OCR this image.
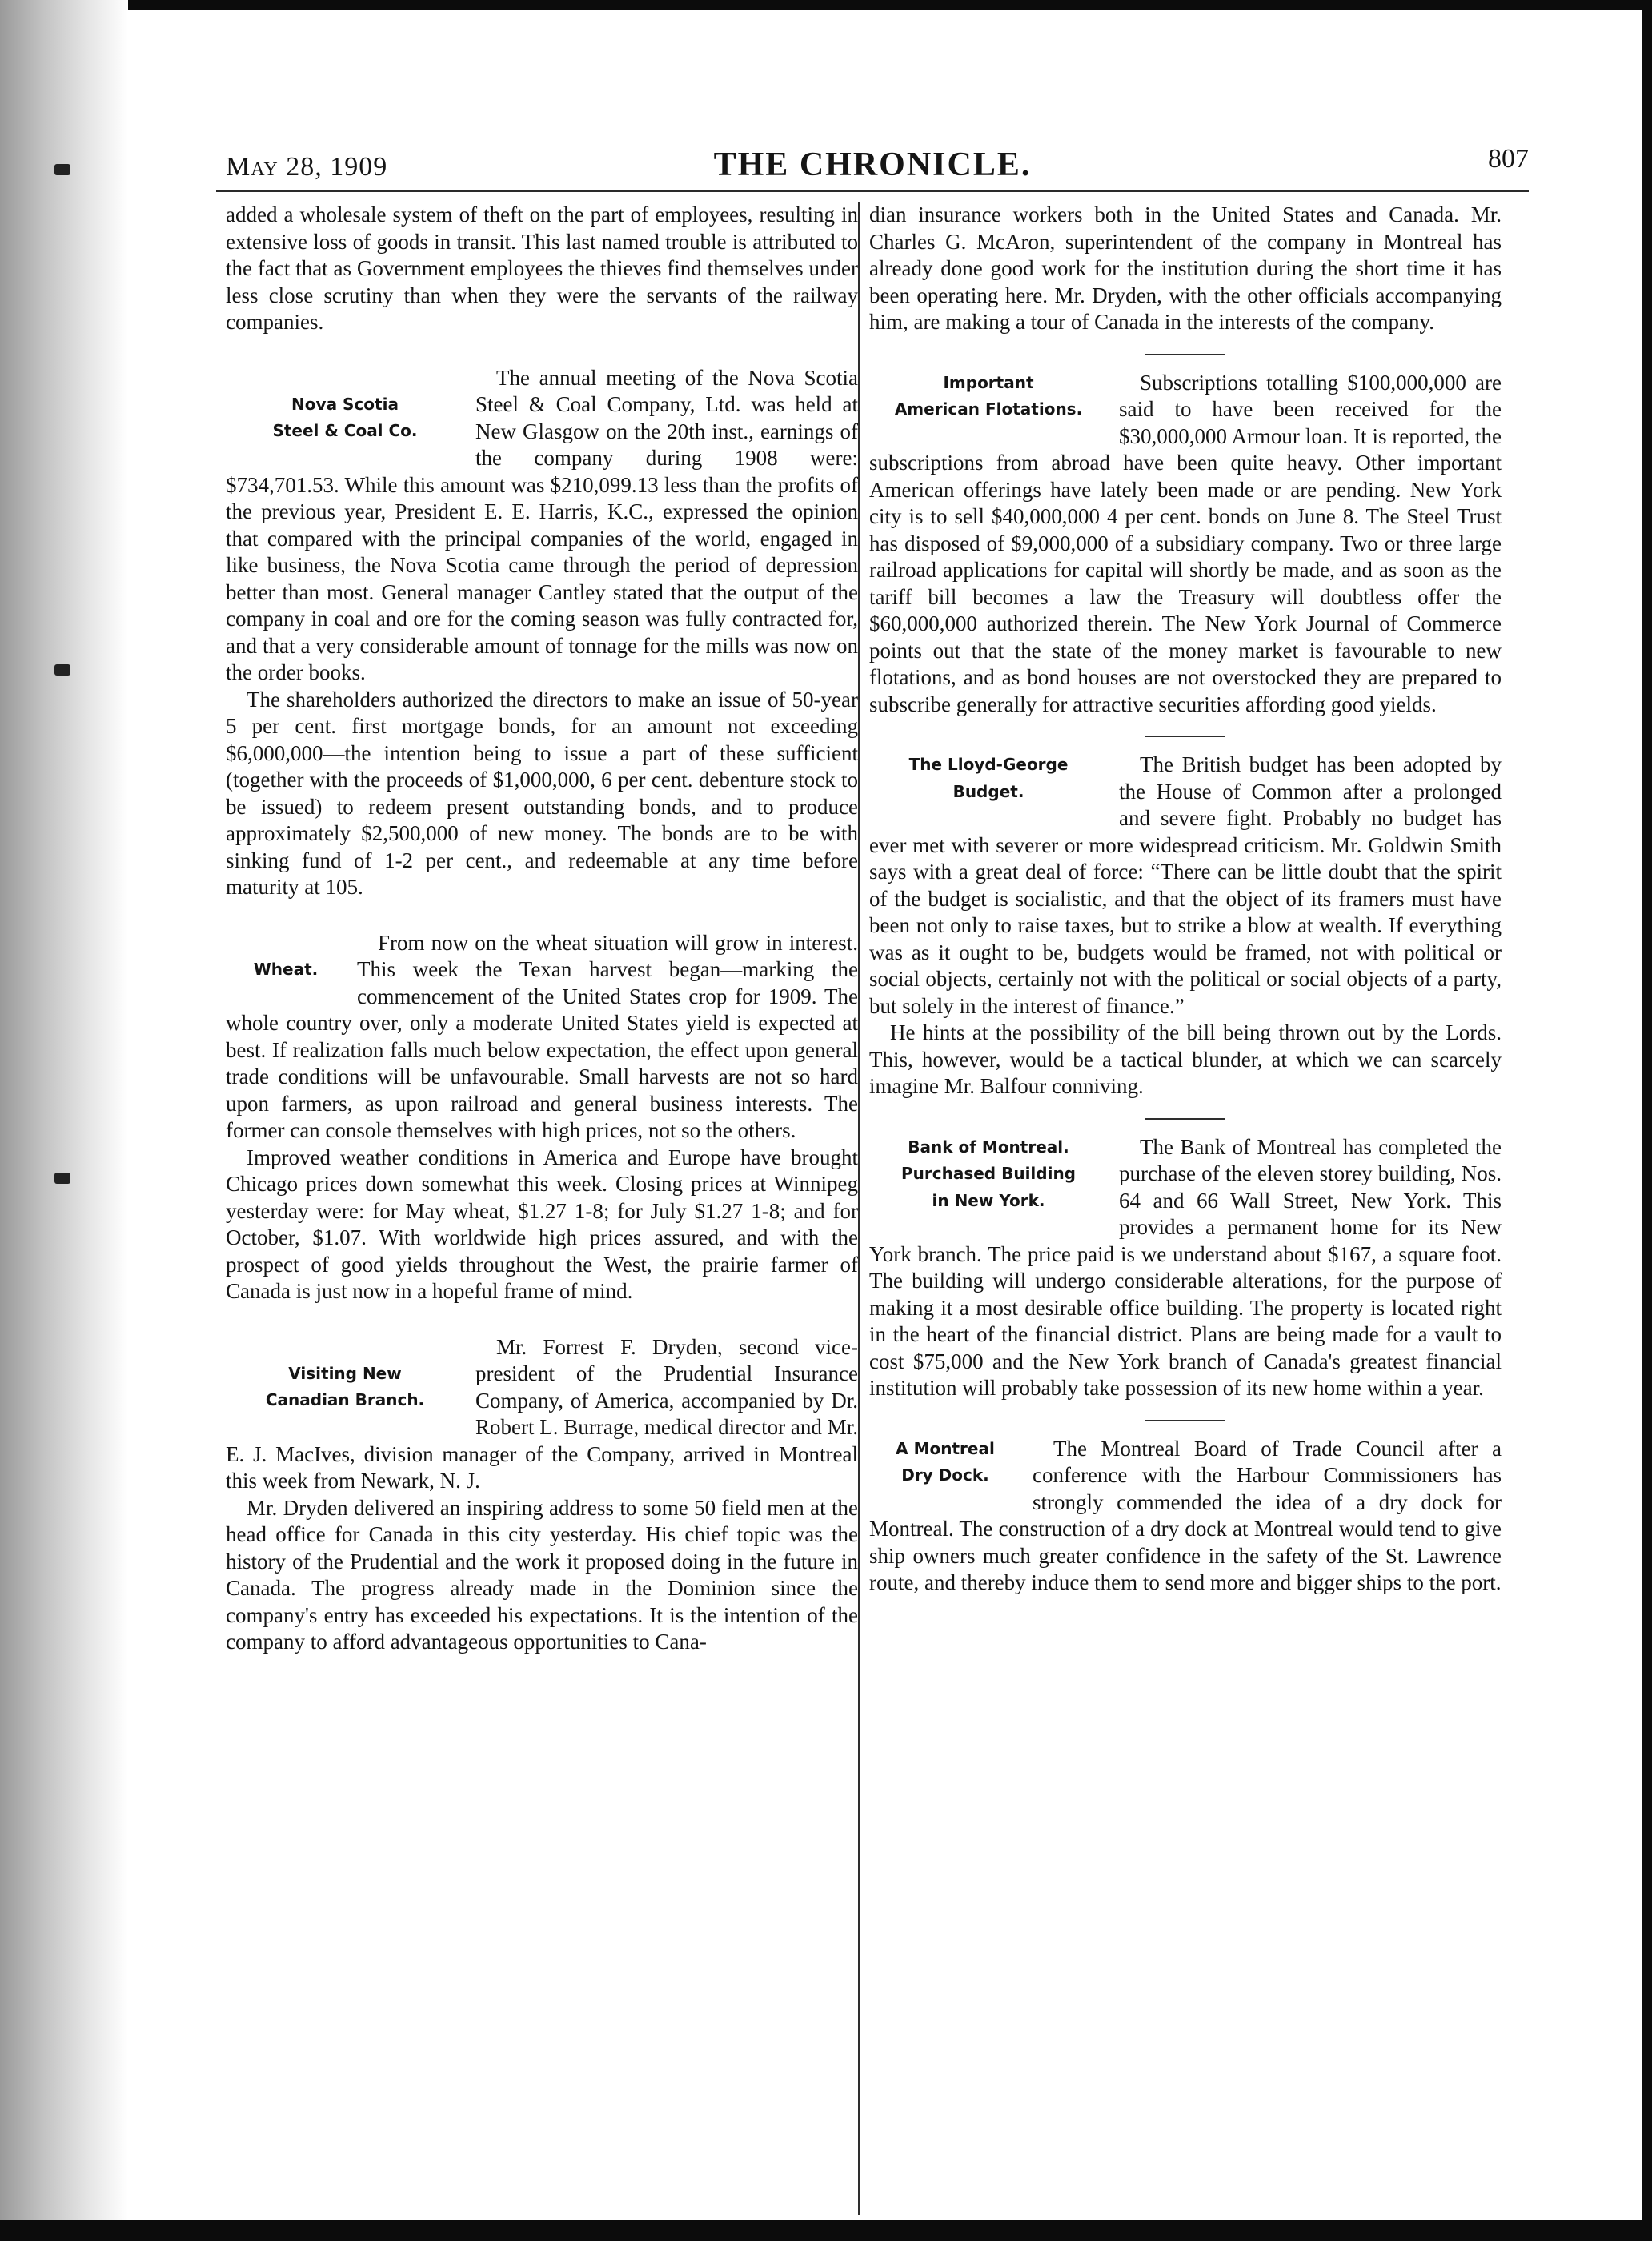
May 28, 1909	THE CHRONICLE.	807

added a wholesale system of theft on the part of employees, resulting in extensive loss of goods in transit. This last named trouble is attributed to the fact that as Government employees the thieves find themselves under less close scrutiny than when they were the servants of the railway companies.

Nova Scotia
Steel & Coal Co.

The annual meeting of the Nova Scotia Steel & Coal Company, Ltd. was held at New Glasgow on the 20th inst., earnings of the company during 1908 were: $734,701.53. While this amount was $210,099.13 less than the profits of the previous year, President E. E. Harris, K.C., expressed the opinion that compared with the principal companies of the world, engaged in like business, the Nova Scotia came through the period of depression better than most. General manager Cantley stated that the output of the company in coal and ore for the coming season was fully contracted for, and that a very considerable amount of tonnage for the mills was now on the order books.

The shareholders authorized the directors to make an issue of 50-year 5 per cent. first mortgage bonds, for an amount not exceeding $6,000,000—the intention being to issue a part of these sufficient (together with the proceeds of $1,000,000, 6 per cent. debenture stock to be issued) to redeem present outstanding bonds, and to produce approximately $2,500,000 of new money. The bonds are to be with sinking fund of 1-2 per cent., and redeemable at any time before maturity at 105.

Wheat.

From now on the wheat situation will grow in interest. This week the Texan harvest began—marking the commencement of the United States crop for 1909. The whole country over, only a moderate United States yield is expected at best. If realization falls much below expectation, the effect upon general trade conditions will be unfavourable. Small harvests are not so hard upon farmers, as upon railroad and general business interests. The former can console themselves with high prices, not so the others.

Improved weather conditions in America and Europe have brought Chicago prices down somewhat this week. Closing prices at Winnipeg yesterday were: for May wheat, $1.27 1-8; for July $1.27 1-8; and for October, $1.07. With worldwide high prices assured, and with the prospect of good yields throughout the West, the prairie farmer of Canada is just now in a hopeful frame of mind.

Visiting New
Canadian Branch.

Mr. Forrest F. Dryden, second vice-president of the Prudential Insurance Company, of America, accompanied by Dr. Robert L. Burrage, medical director and Mr. E. J. MacIves, division manager of the Company, arrived in Montreal this week from Newark, N. J.

Mr. Dryden delivered an inspiring address to some 50 field men at the head office for Canada in this city yesterday. His chief topic was the history of the Prudential and the work it proposed doing in the future in Canada. The progress already made in the Dominion since the company's entry has exceeded his expectations. It is the intention of the company to afford advantageous opportunities to Cana-

dian insurance workers both in the United States and Canada. Mr. Charles G. McAron, superintendent of the company in Montreal has already done good work for the institution during the short time it has been operating here. Mr. Dryden, with the other officials accompanying him, are making a tour of Canada in the interests of the company.

Important
American Flotations.

Subscriptions totalling $100,000,000 are said to have been received for the $30,000,000 Armour loan. It is reported, the subscriptions from abroad have been quite heavy. Other important American offerings have lately been made or are pending. New York city is to sell $40,000,000 4 per cent. bonds on June 8. The Steel Trust has disposed of $9,000,000 of a subsidiary company. Two or three large railroad applications for capital will shortly be made, and as soon as the tariff bill becomes a law the Treasury will doubtless offer the $60,000,000 authorized therein. The New York Journal of Commerce points out that the state of the money market is favourable to new flotations, and as bond houses are not overstocked they are prepared to subscribe generally for attractive securities affording good yields.

The Lloyd-George
Budget.

The British budget has been adopted by the House of Common after a prolonged and severe fight. Probably no budget has ever met with severer or more widespread criticism. Mr. Goldwin Smith says with a great deal of force: “There can be little doubt that the spirit of the budget is socialistic, and that the object of its framers must have been not only to raise taxes, but to strike a blow at wealth. If everything was as it ought to be, budgets would be framed, not with political or social objects, certainly not with the political or social objects of a party, but solely in the interest of finance.”

He hints at the possibility of the bill being thrown out by the Lords. This, however, would be a tactical blunder, at which we can scarcely imagine Mr. Balfour conniving.

Bank of Montreal.
Purchased Building
in New York.

The Bank of Montreal has completed the purchase of the eleven storey building, Nos. 64 and 66 Wall Street, New York. This provides a permanent home for its New York branch. The price paid is we understand about $167, a square foot. The building will undergo considerable alterations, for the purpose of making it a most desirable office building. The property is located right in the heart of the financial district. Plans are being made for a vault to cost $75,000 and the New York branch of Canada's greatest financial institution will probably take possession of its new home within a year.

A Montreal
Dry Dock.

The Montreal Board of Trade Council after a conference with the Harbour Commissioners has strongly commended the idea of a dry dock for Montreal. The construction of a dry dock at Montreal would tend to give ship owners much greater confidence in the safety of the St. Lawrence route, and thereby induce them to send more and bigger ships to the port.
